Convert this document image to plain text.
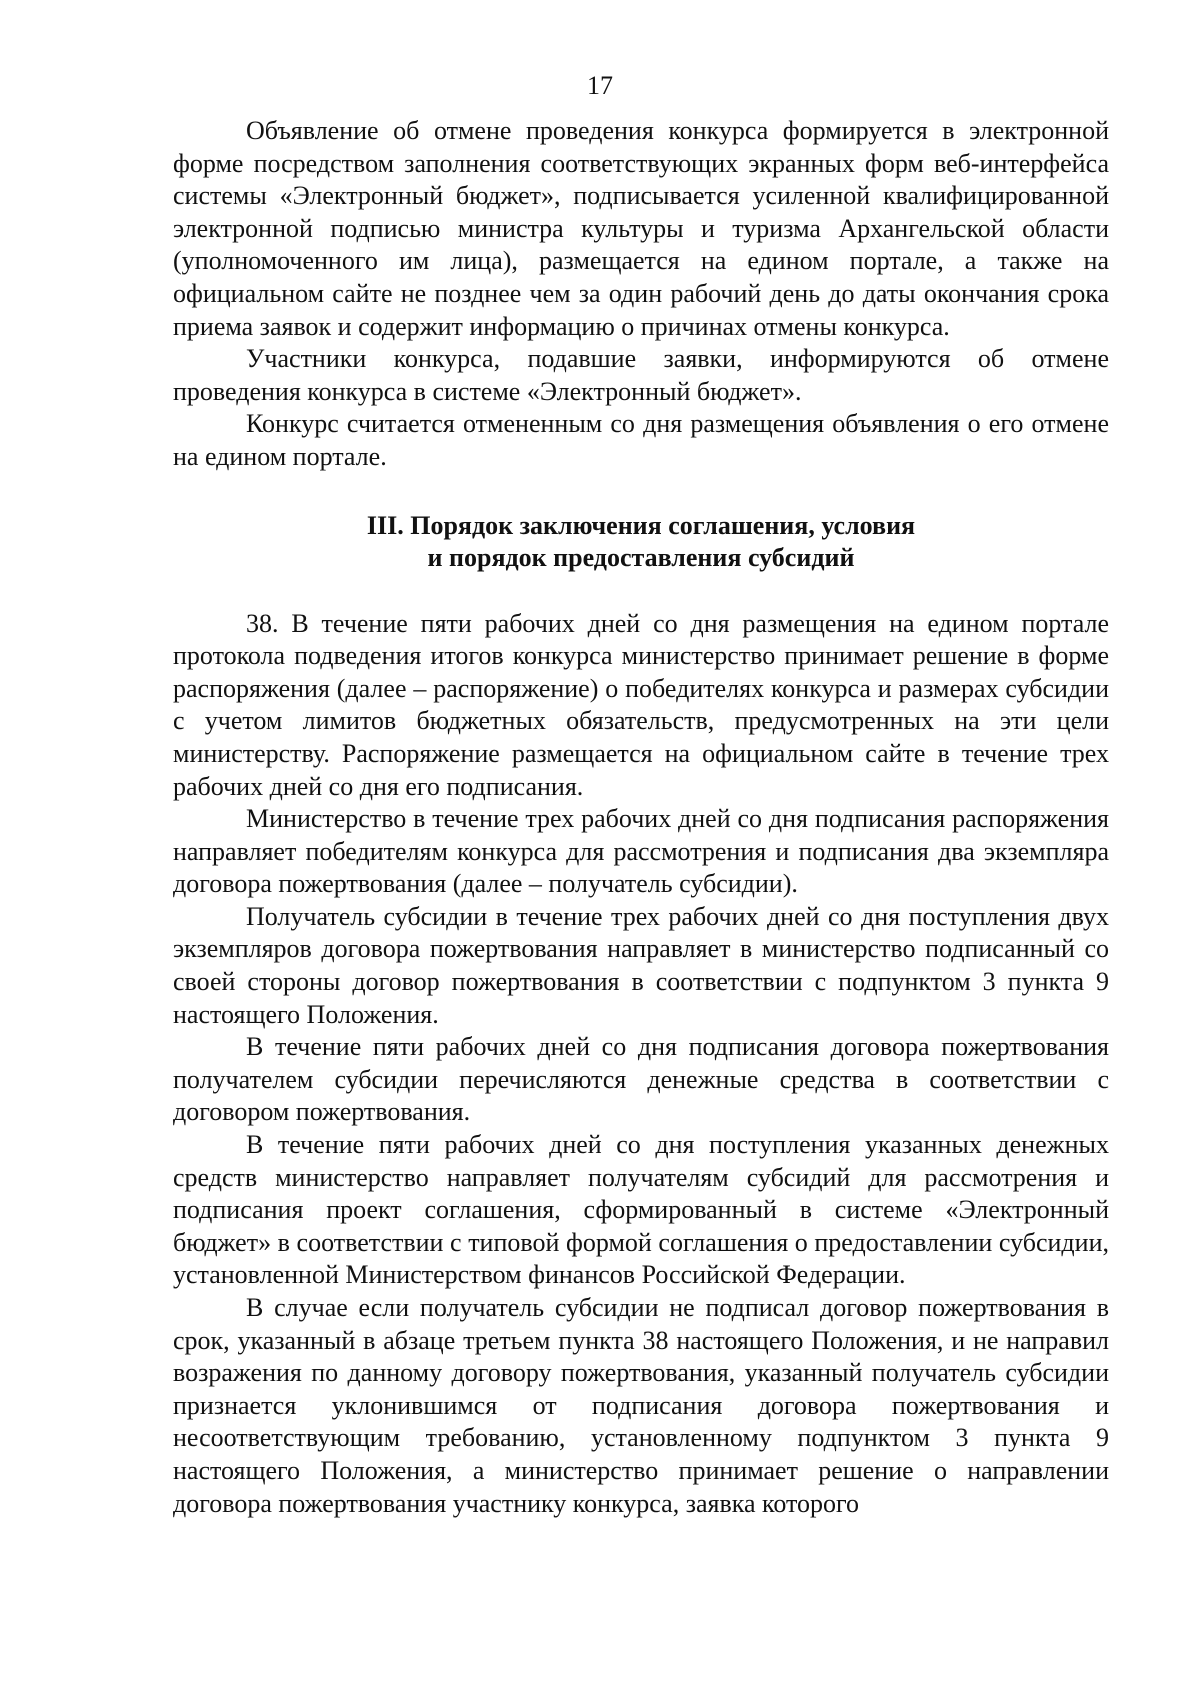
17

Объявление об отмене проведения конкурса формируется в электронной форме посредством заполнения соответствующих экранных форм веб-интерфейса системы «Электронный бюджет», подписывается усиленной квалифицированной электронной подписью министра культуры и туризма Архангельской области (уполномоченного им лица), размещается на едином портале, а также на официальном сайте не позднее чем за один рабочий день до даты окончания срока приема заявок и содержит информацию о причинах отмены конкурса.

Участники конкурса, подавшие заявки, информируются об отмене проведения конкурса в системе «Электронный бюджет».

Конкурс считается отмененным со дня размещения объявления о его отмене на едином портале.

III. Порядок заключения соглашения, условия
и порядок предоставления субсидий

38. В течение пяти рабочих дней со дня размещения на едином портале протокола подведения итогов конкурса министерство принимает решение в форме распоряжения (далее – распоряжение) о победителях конкурса и размерах субсидии с учетом лимитов бюджетных обязательств, предусмотренных на эти цели министерству. Распоряжение размещается на официальном сайте в течение трех рабочих дней со дня его подписания.

Министерство в течение трех рабочих дней со дня подписания распоряжения направляет победителям конкурса для рассмотрения и подписания два экземпляра договора пожертвования (далее – получатель субсидии).

Получатель субсидии в течение трех рабочих дней со дня поступления двух экземпляров договора пожертвования направляет в министерство подписанный со своей стороны договор пожертвования в соответствии с подпунктом 3 пункта 9 настоящего Положения.

В течение пяти рабочих дней со дня подписания договора пожертвования получателем субсидии перечисляются денежные средства в соответствии с договором пожертвования.

В течение пяти рабочих дней со дня поступления указанных денежных средств министерство направляет получателям субсидий для рассмотрения и подписания проект соглашения, сформированный в системе «Электронный бюджет» в соответствии с типовой формой соглашения о предоставлении субсидии, установленной Министерством финансов Российской Федерации.

В случае если получатель субсидии не подписал договор пожертвования в срок, указанный в абзаце третьем пункта 38 настоящего Положения, и не направил возражения по данному договору пожертвования, указанный получатель субсидии признается уклонившимся от подписания договора пожертвования и несоответствующим требованию, установленному подпунктом 3 пункта 9 настоящего Положения, а министерство принимает решение о направлении договора пожертвования участнику конкурса, заявка которого
